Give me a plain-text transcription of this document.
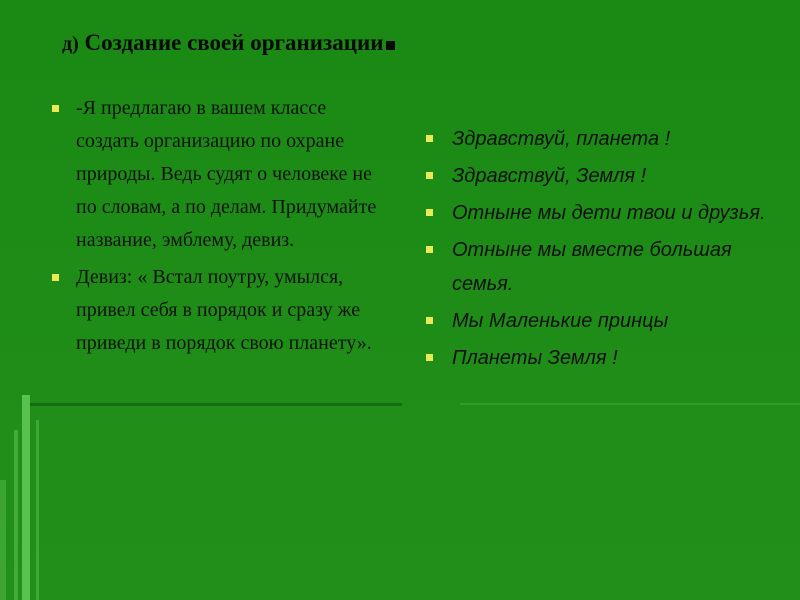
д) Создание своей организации
-Я предлагаю в вашем классе создать организацию по охране природы. Ведь судят о человеке не по словам, а по делам. Придумайте название, эмблему, девиз.
Девиз: « Встал поутру, умылся, привел себя в порядок и сразу же приведи в порядок свою планету».
Здравствуй, планета !
Здравствуй, Земля !
Отныне мы дети твои и друзья.
Отныне мы вместе большая семья.
Мы Маленькие принцы
Планеты Земля !
